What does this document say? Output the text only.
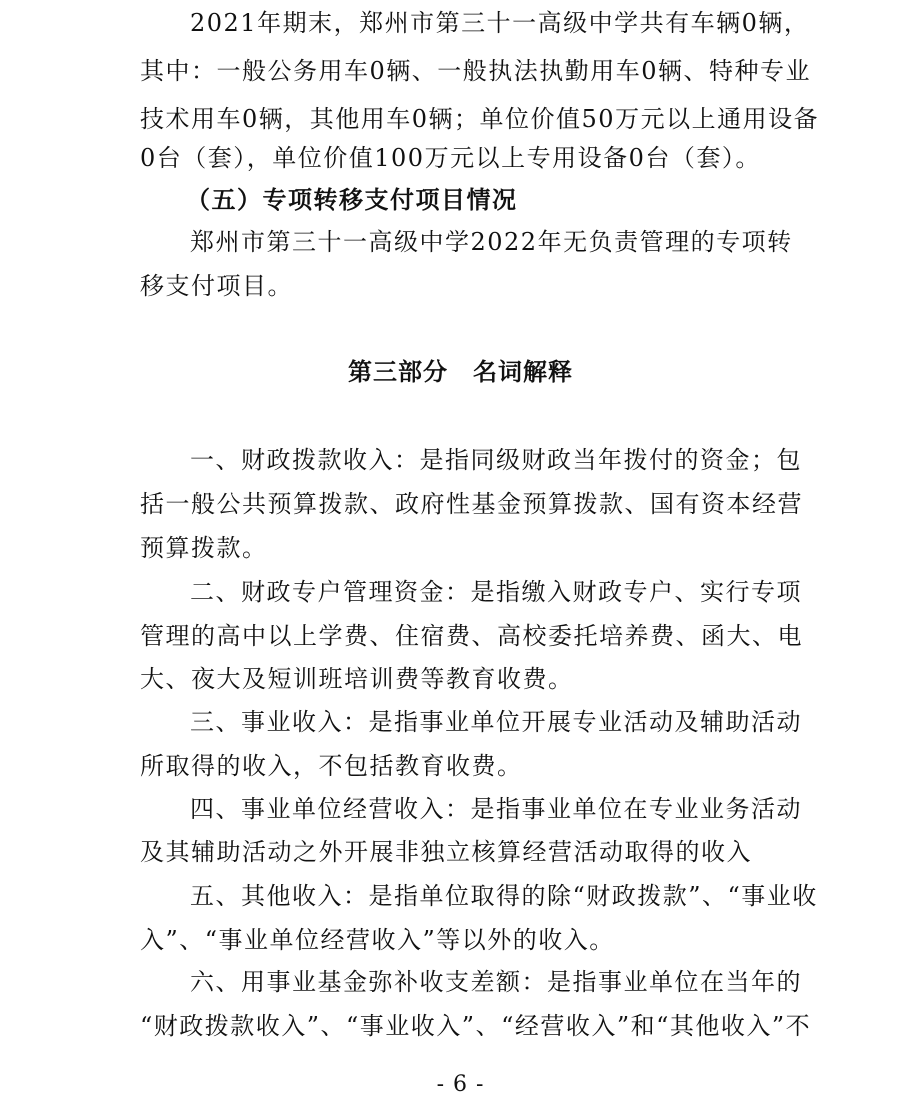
2021年期末，郑州市第三十一高级中学共有车辆0辆，
其中：一般公务用车0辆、一般执法执勤用车0辆、特种专业
技术用车0辆，其他用车0辆；单位价值50万元以上通用设备
0台（套），单位价值100万元以上专用设备0台（套）。
（五）专项转移支付项目情况
郑州市第三十一高级中学2022年无负责管理的专项转
移支付项目。
第三部分　名词解释
一、财政拨款收入：是指同级财政当年拨付的资金；包
括一般公共预算拨款、政府性基金预算拨款、国有资本经营
预算拨款。
二、财政专户管理资金：是指缴入财政专户、实行专项
管理的高中以上学费、住宿费、高校委托培养费、函大、电
大、夜大及短训班培训费等教育收费。
三、事业收入：是指事业单位开展专业活动及辅助活动
所取得的收入，不包括教育收费。
四、事业单位经营收入：是指事业单位在专业业务活动
及其辅助活动之外开展非独立核算经营活动取得的收入
五、其他收入：是指单位取得的除“财政拨款”、“事业收
入”、“事业单位经营收入”等以外的收入。
六、用事业基金弥补收支差额：是指事业单位在当年的
“财政拨款收入”、“事业收入”、“经营收入”和“其他收入”不
- 6 -
